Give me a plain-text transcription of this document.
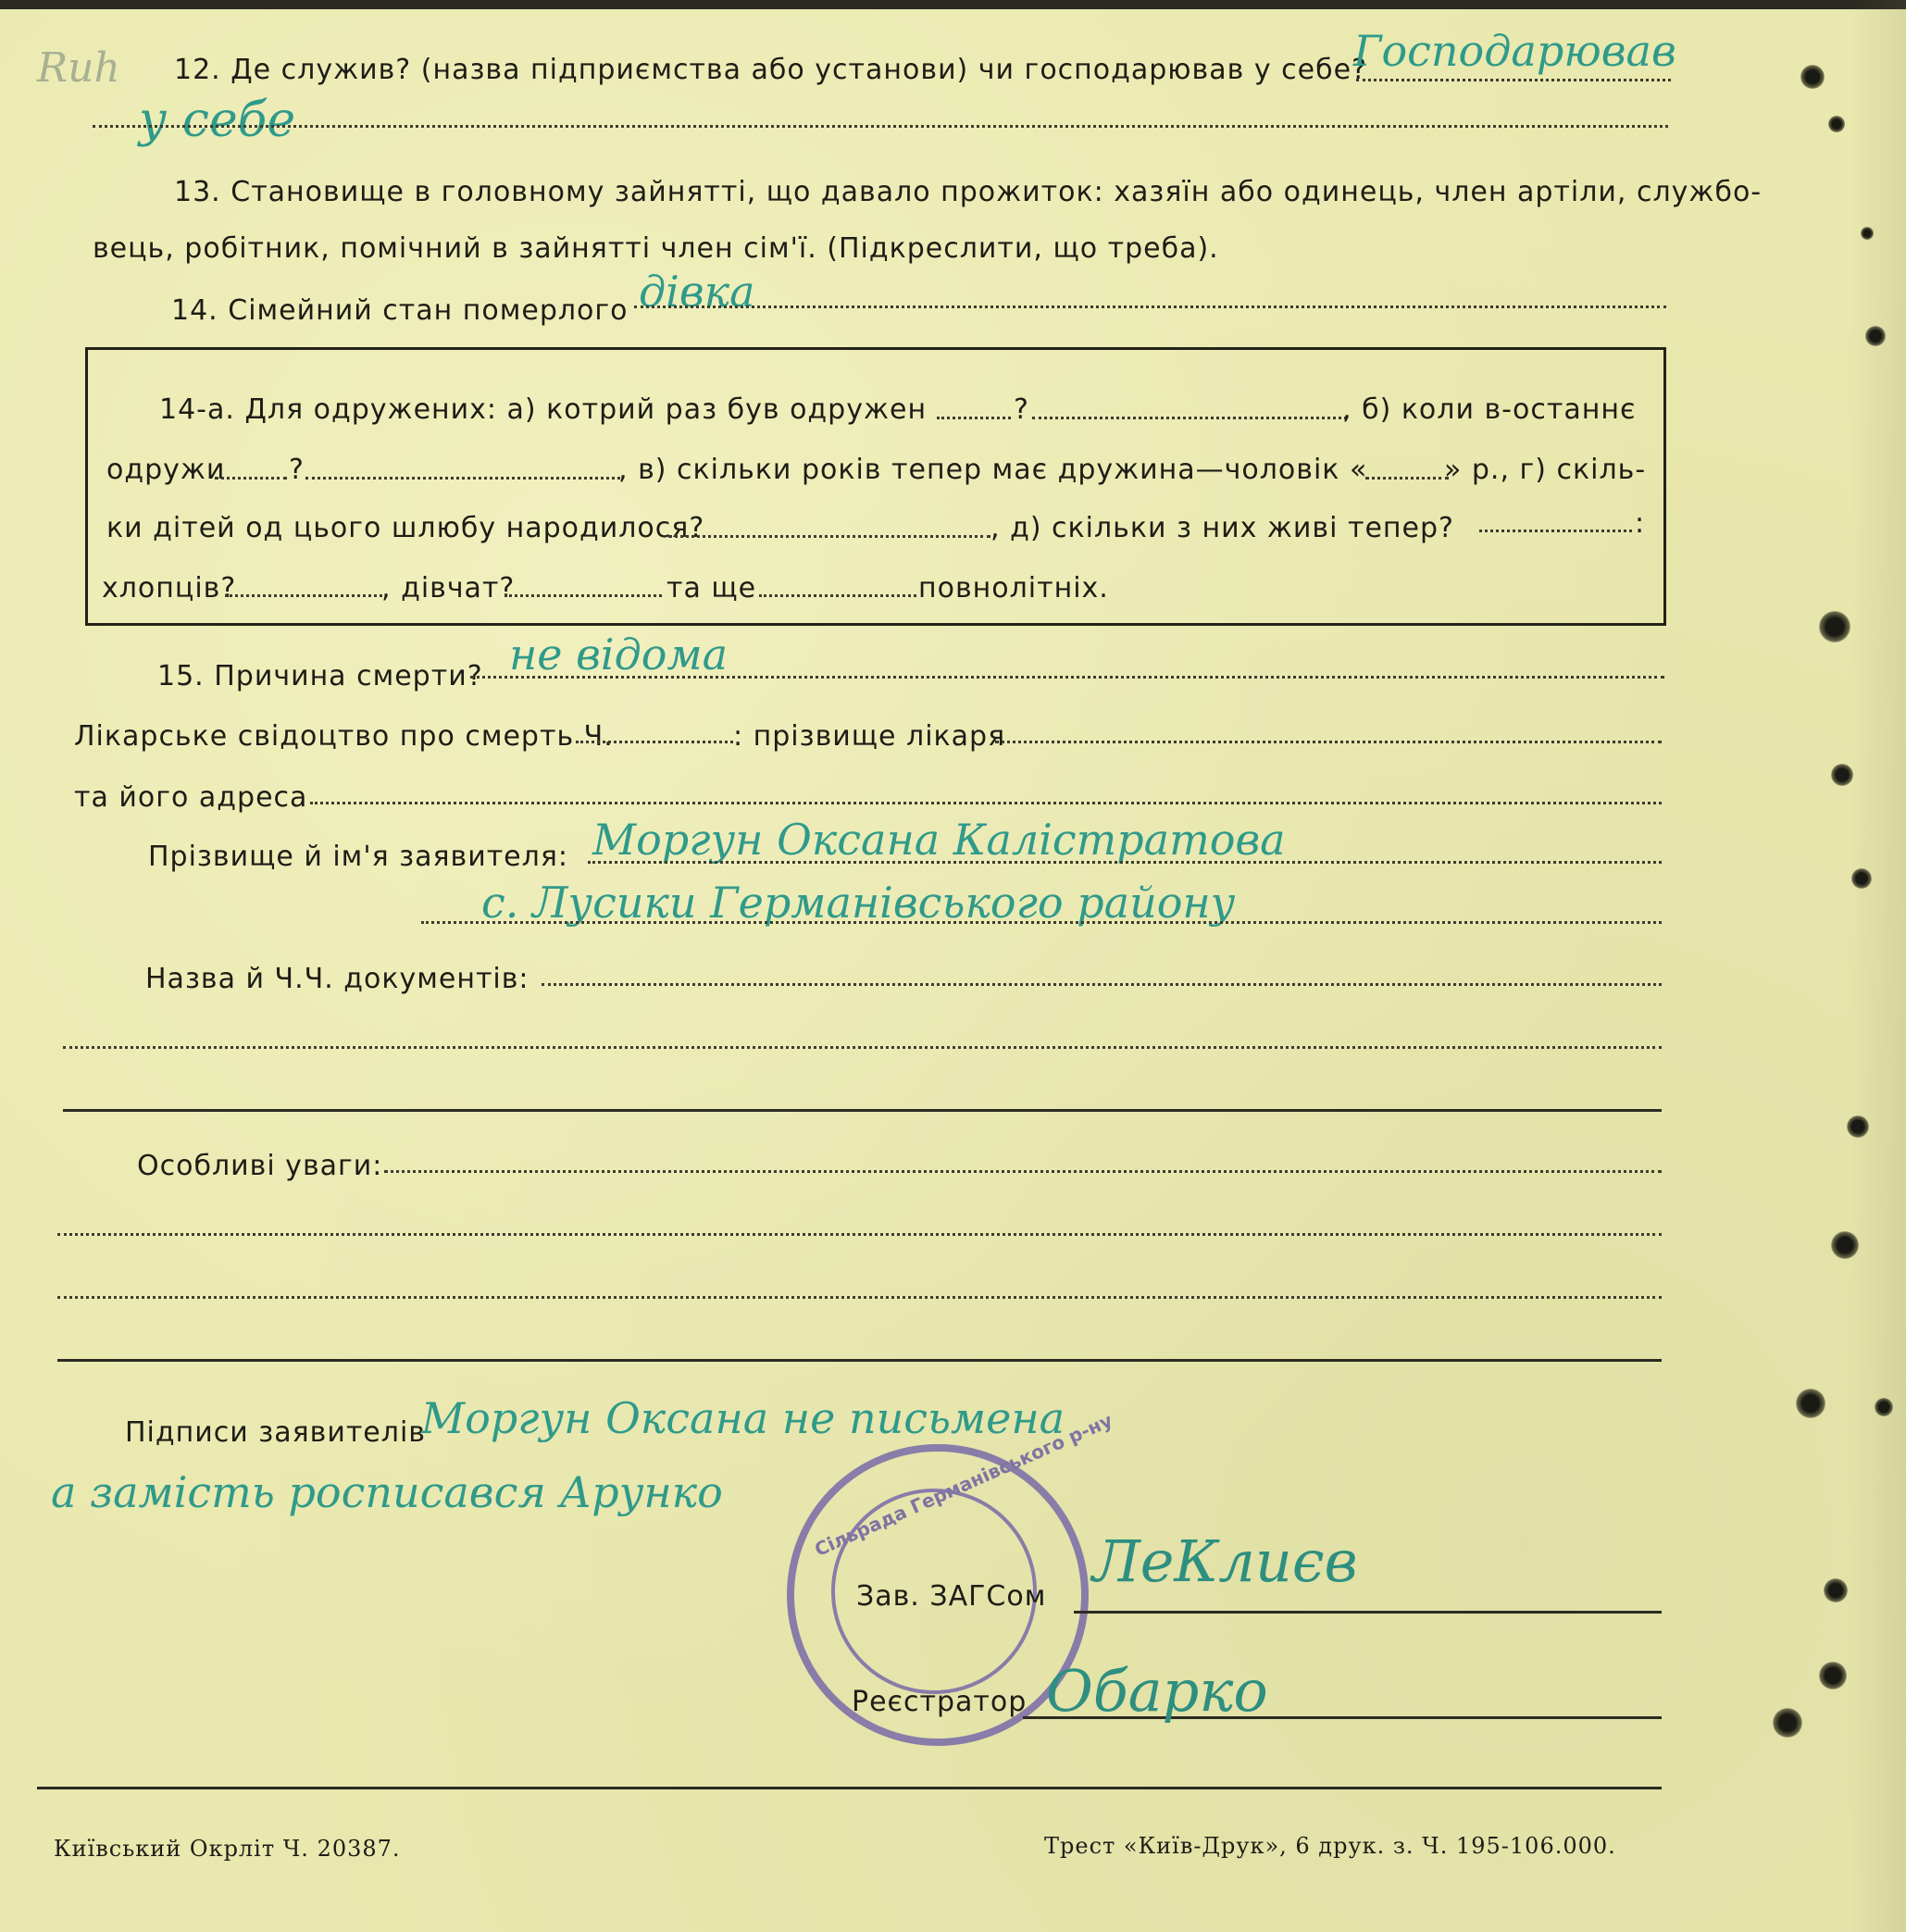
Ruh 12. Де служив? (назва підприємства або установи) чи господарював у себе?
Господарював
у себе
13. Становище в головному зайнятті, що давало прожиток: хазяїн або одинець, член артіли, службо-
вець, робітник, помічний в зайнятті член сім'ї. (Підкреслити, що треба).
14. Сімейний стан померлого дівка
14-а. Для одружених: а) котрий раз був одружен	?	, б) коли в-останнє
одружи ?	, в) скільки років тепер має дружина—чоловік «	» р., г) скіль-
ки дітей од цього шлюбу народилося?	, д) скільки з них живі тепер?	:
хлопців?	, дівчат?	та ще	повнолітніх.
15. Причина смерти? не відома
Лікарське свідоцтво про смерть Ч.	: прізвище лікаря
та його адреса
Прізвище й ім'я заявителя: Моргун Оксана Калістратова
с. Лусики Германівського району
Назва й Ч.Ч. документів:
Особливі уваги:
Підписи заявителів
Моргун Оксана не письмена
а замість росписався Арунко	Сільрада Германівського р-ну
Зав. ЗАГСом
ЛеКлиєв
Реєстратор Обарко
Київський Окрліт Ч. 20387.	Трест «Київ-Друк», 6 друк. з. Ч. 195-106.000.
